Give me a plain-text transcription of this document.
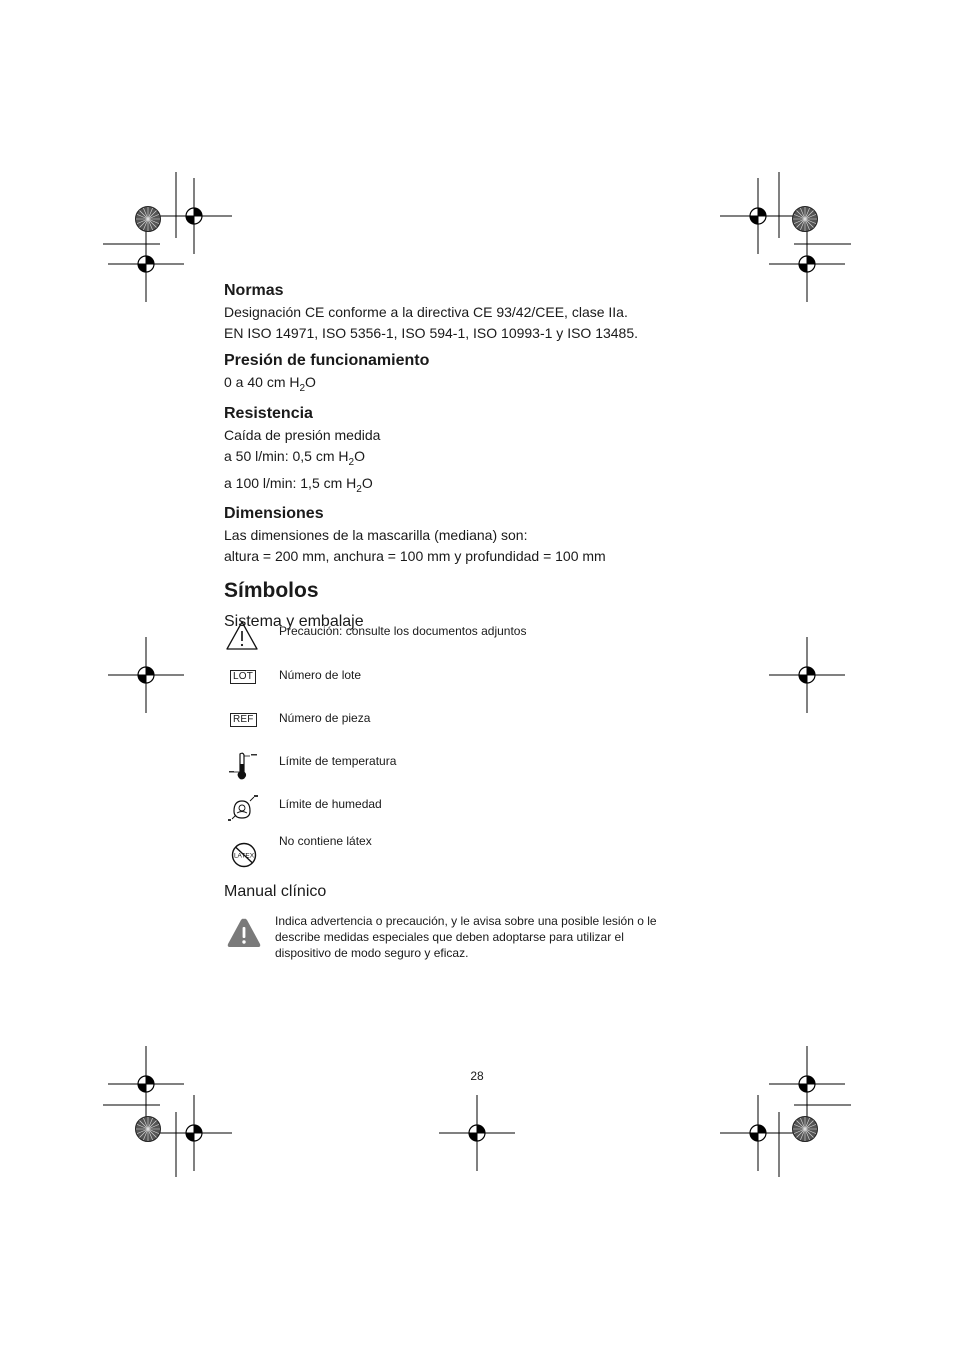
Normas

Designación CE conforme a la directiva CE 93/42/CEE, clase IIa.

EN ISO 14971, ISO 5356-1, ISO 594-1, ISO 10993-1 y ISO 13485.

Presión de funcionamiento

0 a 40 cm $H_2O$

Resistencia

Caída de presión medida

a 50 l/min: 0,5 cm $H_2O$

a 100 l/min: 1,5 cm $H_2O$

Dimensiones

Las dimensiones de la mascarilla (mediana) son:

altura = 200 mm, anchura = 100 mm y profundidad = 100 mm

Símbolos
Sistema y embalaje
Precaución: consulte los documentos adjuntos
LOT	Número de lote
REF	Número de pieza
Límite de temperatura
Límite de humedad
LATEX
No contiene látex
Manual clínico
Indica advertencia o precaución, y le avisa sobre una posible lesión o le
describe medidas especiales que deben adoptarse para utilizar el
dispositivo de modo seguro y eficaz.
28
